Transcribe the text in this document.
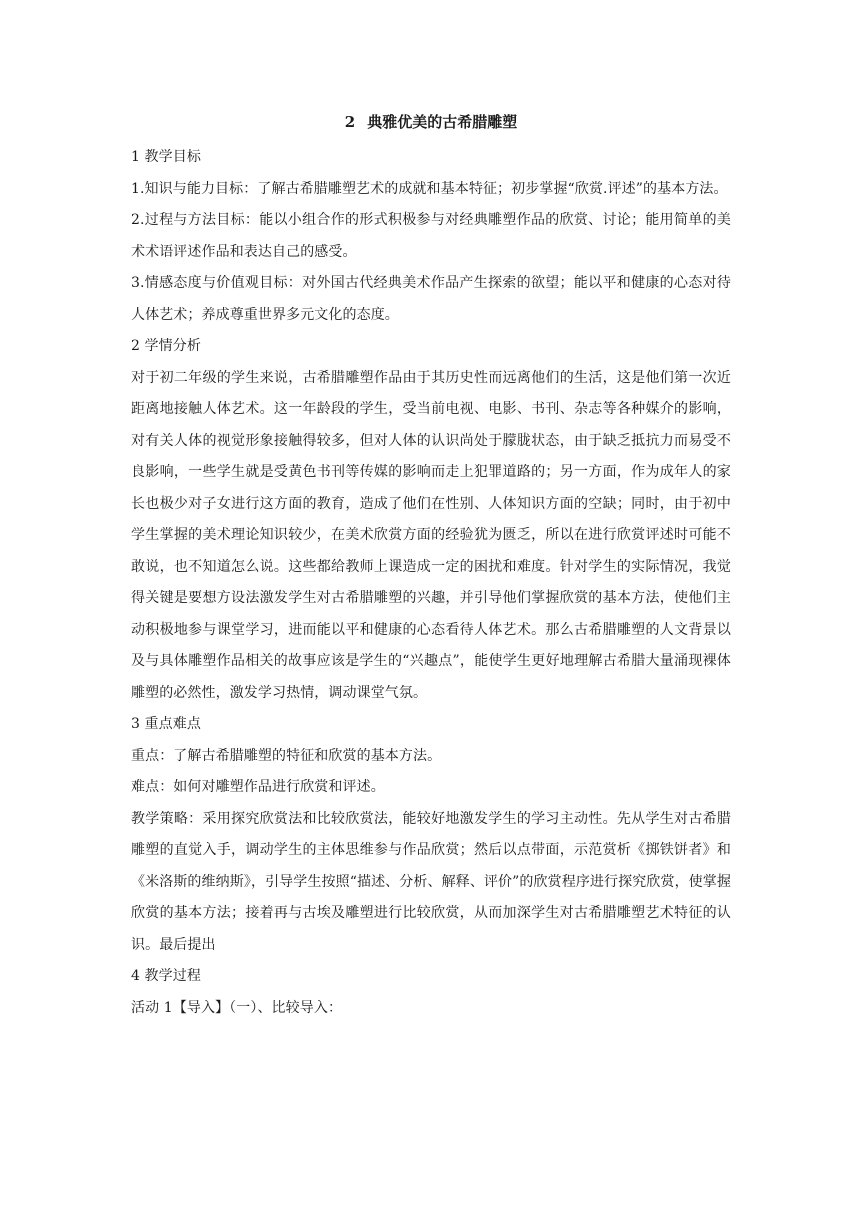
2 典雅优美的古希腊雕塑

1 教学目标

1.知识与能力目标：了解古希腊雕塑艺术的成就和基本特征；初步掌握“欣赏.评述”的基本方法。

2.过程与方法目标：能以小组合作的形式积极参与对经典雕塑作品的欣赏、讨论；能用简单的美术术语评述作品和表达自己的感受。

3.情感态度与价值观目标：对外国古代经典美术作品产生探索的欲望；能以平和健康的心态对待人体艺术；养成尊重世界多元文化的态度。

2 学情分析

对于初二年级的学生来说，古希腊雕塑作品由于其历史性而远离他们的生活，这是他们第一次近距离地接触人体艺术。这一年龄段的学生，受当前电视、电影、书刊、杂志等各种媒介的影响，对有关人体的视觉形象接触得较多，但对人体的认识尚处于朦胧状态，由于缺乏抵抗力而易受不良影响，一些学生就是受黄色书刊等传媒的影响而走上犯罪道路的；另一方面，作为成年人的家长也极少对子女进行这方面的教育，造成了他们在性别、人体知识方面的空缺；同时，由于初中学生掌握的美术理论知识较少，在美术欣赏方面的经验犹为匮乏，所以在进行欣赏评述时可能不敢说，也不知道怎么说。这些都给教师上课造成一定的困扰和难度。针对学生的实际情况，我觉得关键是要想方设法激发学生对古希腊雕塑的兴趣，并引导他们掌握欣赏的基本方法，使他们主动积极地参与课堂学习，进而能以平和健康的心态看待人体艺术。那么古希腊雕塑的人文背景以及与具体雕塑作品相关的故事应该是学生的“兴趣点”，能使学生更好地理解古希腊大量涌现裸体雕塑的必然性，激发学习热情，调动课堂气氛。

3 重点难点

重点：了解古希腊雕塑的特征和欣赏的基本方法。

难点：如何对雕塑作品进行欣赏和评述。

教学策略：采用探究欣赏法和比较欣赏法，能较好地激发学生的学习主动性。先从学生对古希腊雕塑的直觉入手，调动学生的主体思维参与作品欣赏；然后以点带面，示范赏析《掷铁饼者》和《米洛斯的维纳斯》，引导学生按照“描述、分析、解释、评价”的欣赏程序进行探究欣赏，使掌握欣赏的基本方法；接着再与古埃及雕塑进行比较欣赏，从而加深学生对古希腊雕塑艺术特征的认识。最后提出

4 教学过程

活动 1【导入】（一）、比较导入：
